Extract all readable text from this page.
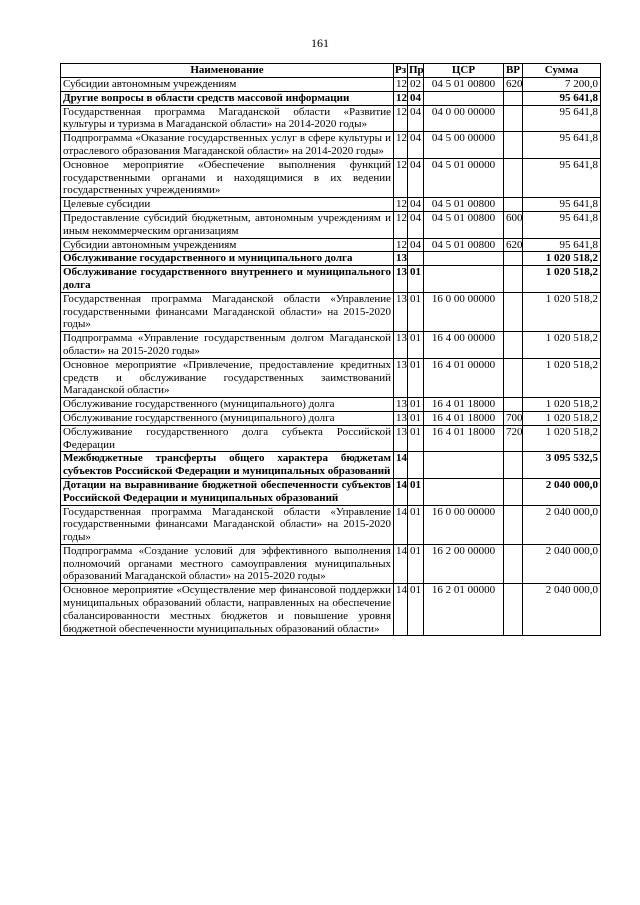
161
Наименование	Рз	Пр	ЦСР	ВР	Сумма
Субсидии автономным учреждениям	12	02	04 5 01 00800	620	7 200,0
Другие вопросы в области средств массовой информации	12	04			95 641,8
Государственная программа Магаданской области «Развитие культуры и туризма в Магаданской области» на 2014-2020 годы»	12	04	04 0 00 00000		95 641,8
Подпрограмма «Оказание государственных услуг в сфере культуры и отраслевого образования Магаданской области» на 2014-2020 годы»	12	04	04 5 00 00000		95 641,8
Основное мероприятие «Обеспечение выполнения функций государственными органами и находящимися в их ведении государственных учреждениями»	12	04	04 5 01 00000		95 641,8
Целевые субсидии	12	04	04 5 01 00800		95 641,8
Предоставление субсидий бюджетным, автономным учреждениям и иным некоммерческим организациям	12	04	04 5 01 00800	600	95 641,8
Субсидии автономным учреждениям	12	04	04 5 01 00800	620	95 641,8
Обслуживание государственного и муниципального долга	13				1 020 518,2
Обслуживание государственного внутреннего и муниципального долга	13	01			1 020 518,2
Государственная программа Магаданской области «Управление государственными финансами Магаданской области» на 2015-2020 годы»	13	01	16 0 00 00000		1 020 518,2
Подпрограмма «Управление государственным долгом Магаданской области» на 2015-2020 годы»	13	01	16 4 00 00000		1 020 518,2
Основное мероприятие «Привлечение, предоставление кредитных средств и обслуживание государственных заимствований Магаданской области»	13	01	16 4 01 00000		1 020 518,2
Обслуживание государственного (муниципального) долга	13	01	16 4 01 18000		1 020 518,2
Обслуживание государственного (муниципального) долга	13	01	16 4 01 18000	700	1 020 518,2
Обслуживание государственного долга субъекта Российской Федерации	13	01	16 4 01 18000	720	1 020 518,2
Межбюджетные трансферты общего характера бюджетам субъектов Российской Федерации и муниципальных образований	14				3 095 532,5
Дотации на выравнивание бюджетной обеспеченности субъектов Российской Федерации и муниципальных образований	14	01			2 040 000,0
Государственная программа Магаданской области «Управление государственными финансами Магаданской области» на 2015-2020 годы»	14	01	16 0 00 00000		2 040 000,0
Подпрограмма «Создание условий для эффективного выполнения полномочий органами местного самоуправления муниципальных образований Магаданской области» на 2015-2020 годы»	14	01	16 2 00 00000		2 040 000,0
Основное мероприятие «Осуществление мер финансовой поддержки муниципальных образований области, направленных на обеспечение сбалансированности местных бюджетов и повышение уровня бюджетной обеспеченности муниципальных образований области»	14	01	16 2 01 00000		2 040 000,0
